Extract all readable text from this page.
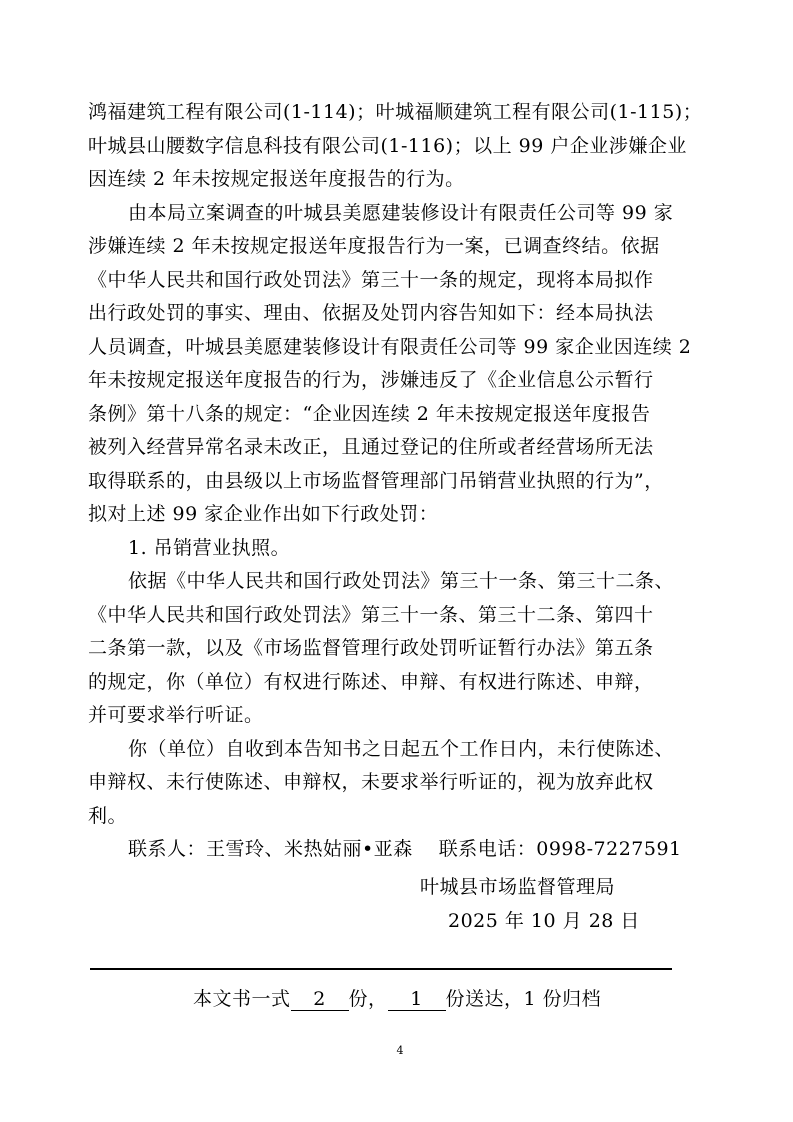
鸿福建筑工程有限公司(1-114)；叶城福顺建筑工程有限公司(1-115)；
叶城县山腰数字信息科技有限公司(1-116)；以上 99 户企业涉嫌企业
因连续 2 年未按规定报送年度报告的行为。
由本局立案调查的叶城县美愿建装修设计有限责任公司等 99 家
涉嫌连续 2 年未按规定报送年度报告行为一案，已调查终结。依据
《中华人民共和国行政处罚法》第三十一条的规定，现将本局拟作
出行政处罚的事实、理由、依据及处罚内容告知如下：经本局执法
人员调查，叶城县美愿建装修设计有限责任公司等 99 家企业因连续 2
年未按规定报送年度报告的行为，涉嫌违反了《企业信息公示暂行
条例》第十八条的规定：“企业因连续 2 年未按规定报送年度报告
被列入经营异常名录未改正，且通过登记的住所或者经营场所无法
取得联系的，由县级以上市场监督管理部门吊销营业执照的行为”，
拟对上述 99 家企业作出如下行政处罚：
1. 吊销营业执照。
依据《中华人民共和国行政处罚法》第三十一条、第三十二条、
《中华人民共和国行政处罚法》第三十一条、第三十二条、第四十
二条第一款，以及《市场监督管理行政处罚听证暂行办法》第五条
的规定，你（单位）有权进行陈述、申辩、有权进行陈述、申辩，
并可要求举行听证。
你（单位）自收到本告知书之日起五个工作日内，未行使陈述、
申辩权、未行使陈述、申辩权，未要求举行听证的，视为放弃此权
利。
联系人：王雪玲、米热姑丽•亚森　 联系电话：0998-7227591
叶城县市场监督管理局
2025 年 10 月 28 日
本文书一式 2 份， 1 份送达，1 份归档
4
